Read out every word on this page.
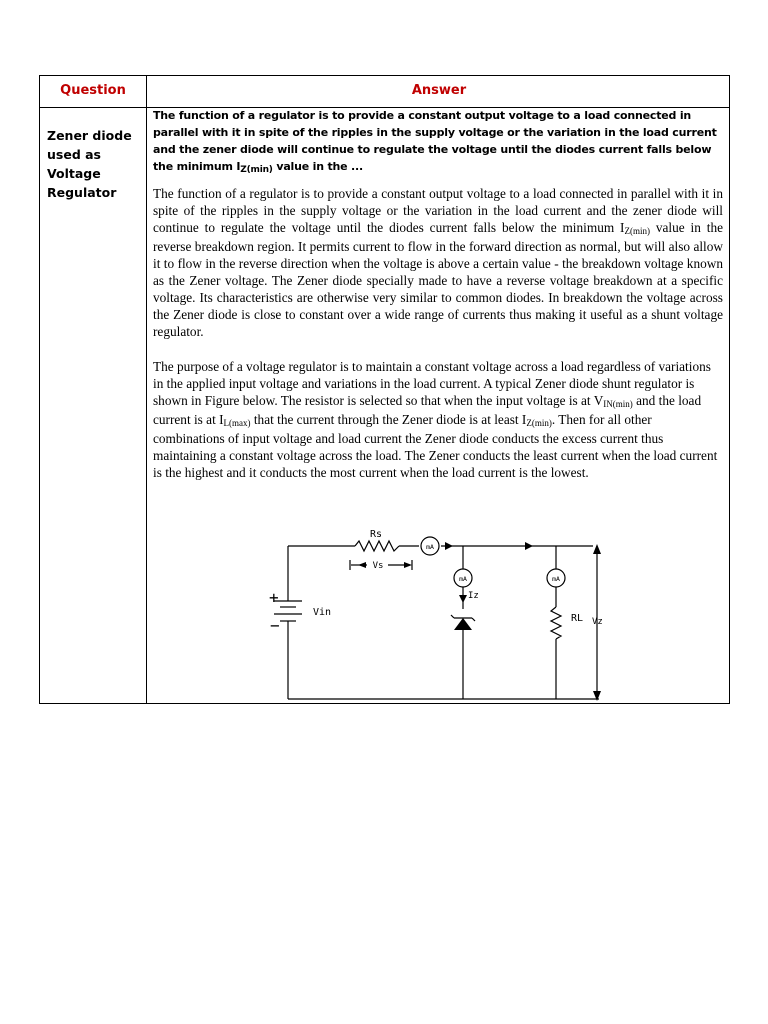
Question	Answer
Zener diode used as Voltage Regulator

The function of a regulator is to provide a constant output voltage to a load connected in parallel with it in spite of the ripples in the supply voltage or the variation in the load current and the zener diode will continue to regulate the voltage until the diodes current falls below the minimum $I_{Z(min)}$ value in the ...

The function of a regulator is to provide a constant output voltage to a load connected in parallel with it in spite of the ripples in the supply voltage or the variation in the load current and the zener diode will continue to regulate the voltage until the diodes current falls below the minimum $I_{Z(min)}$ value in the reverse breakdown region. It permits current to flow in the forward direction as normal, but will also allow it to flow in the reverse direction when the voltage is above a certain value - the breakdown voltage known as the Zener voltage. The Zener diode specially made to have a reverse voltage breakdown at a specific voltage. Its characteristics are otherwise very similar to common diodes. In breakdown the voltage across the Zener diode is close to constant over a wide range of currents thus making it useful as a shunt voltage regulator.

The purpose of a voltage regulator is to maintain a constant voltage across a load regardless of variations in the applied input voltage and variations in the load current. A typical Zener diode shunt regulator is shown in Figure below. The resistor is selected so that when the input voltage is at $V_{IN(min)}$ and the load current is at $I_{L(max)}$ that the current through the Zener diode is at least $I_{Z(min)}$. Then for all other combinations of input voltage and load current the Zener diode conducts the excess current thus maintaining a constant voltage across the load. The Zener conducts the least current when the load current is the highest and it conducts the most current when the load current is the lowest.

Rs
Vs
Vin
Iz
RL Vz
mA
mA	mA
+
−
